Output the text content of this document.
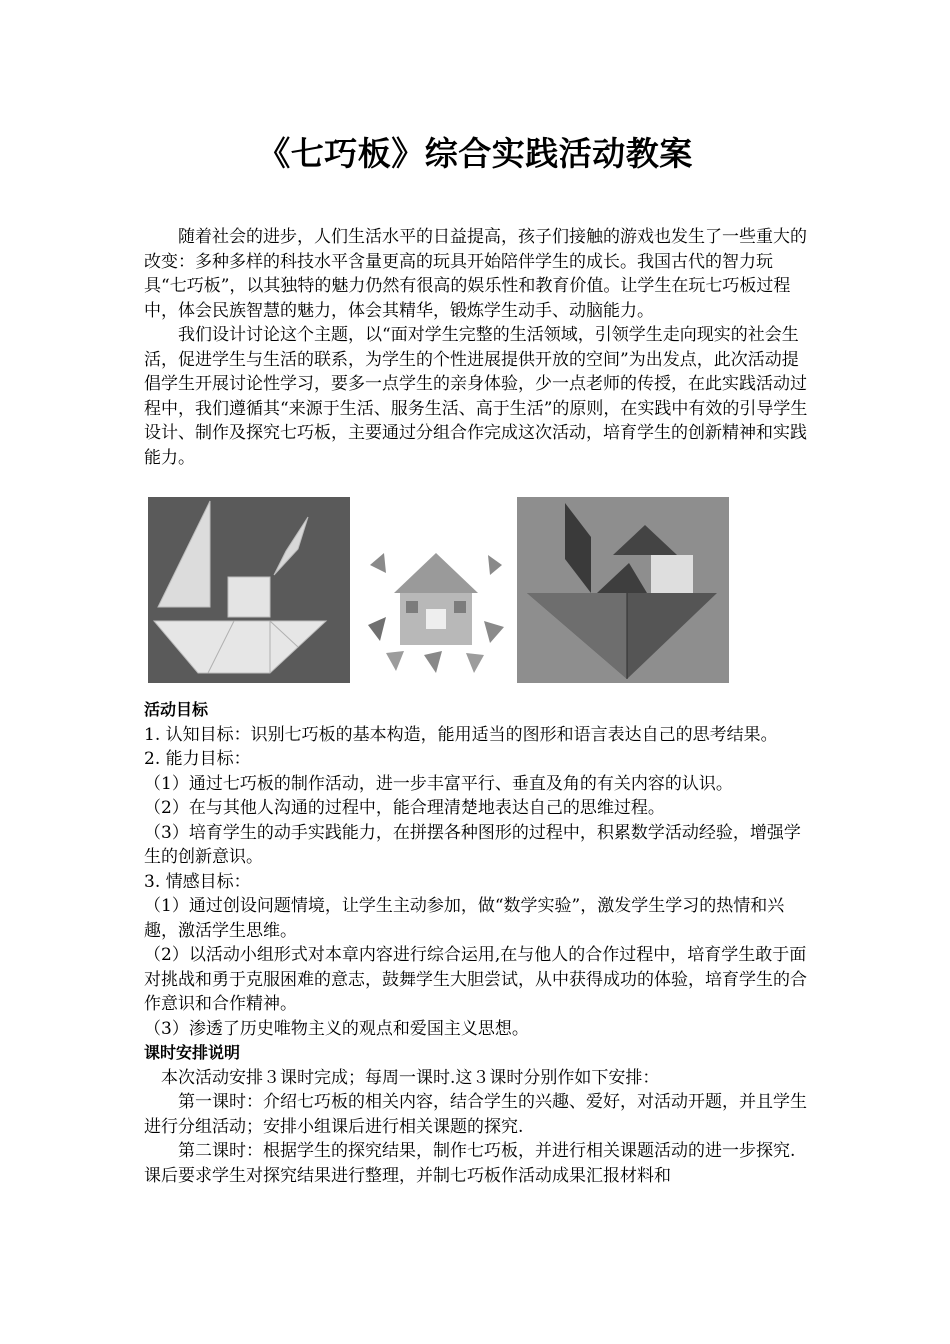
《七巧板》综合实践活动教案

随着社会的进步，人们生活水平的日益提高，孩子们接触的游戏也发生了一些重大的改变：多种多样的科技水平含量更高的玩具开始陪伴学生的成长。我国古代的智力玩具“七巧板”，以其独特的魅力仍然有很高的娱乐性和教育价值。让学生在玩七巧板过程中，体会民族智慧的魅力，体会其精华，锻炼学生动手、动脑能力。

我们设计讨论这个主题，以“面对学生完整的生活领域，引领学生走向现实的社会生活，促进学生与生活的联系，为学生的个性进展提供开放的空间”为出发点，此次活动提倡学生开展讨论性学习，要多一点学生的亲身体验，少一点老师的传授，在此实践活动过程中，我们遵循其“来源于生活、服务生活、高于生活”的原则，在实践中有效的引导学生设计、制作及探究七巧板，主要通过分组合作完成这次活动，培育学生的创新精神和实践能力。

活动目标

1. 认知目标：识别七巧板的基本构造，能用适当的图形和语言表达自己的思考结果。

2. 能力目标：

（1）通过七巧板的制作活动，进一步丰富平行、垂直及角的有关内容的认识。

（2）在与其他人沟通的过程中，能合理清楚地表达自己的思维过程。

（3）培育学生的动手实践能力，在拼摆各种图形的过程中，积累数学活动经验，增强学生的创新意识。

3. 情感目标：

（1）通过创设问题情境，让学生主动参加，做“数学实验”，激发学生学习的热情和兴趣，激活学生思维。

（2）以活动小组形式对本章内容进行综合运用,在与他人的合作过程中，培育学生敢于面对挑战和勇于克服困难的意志，鼓舞学生大胆尝试，从中获得成功的体验，培育学生的合作意识和合作精神。

（3）渗透了历史唯物主义的观点和爱国主义思想。

课时安排说明

本次活动安排３课时完成；每周一课时.这３课时分别作如下安排：

第一课时：介绍七巧板的相关内容，结合学生的兴趣、爱好，对活动开题，并且学生进行分组活动；安排小组课后进行相关课题的探究.

第二课时：根据学生的探究结果，制作七巧板，并进行相关课题活动的进一步探究.课后要求学生对探究结果进行整理，并制七巧板作活动成果汇报材料和
